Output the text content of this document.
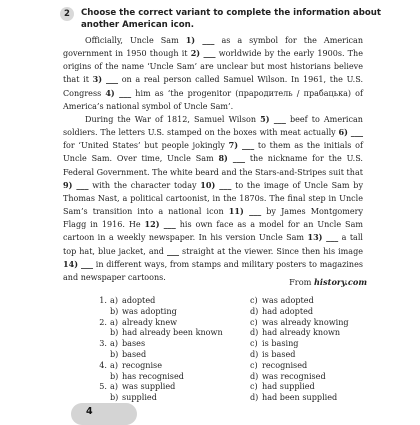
2	Choose the correct variant to complete the information about another American icon.

Officially, Uncle Sam 1) ___ as a symbol for the American government in 1950 though it 2) ___ worldwide by the early 1900s. The origins of the name ‘Uncle Sam’ are unclear but most historians believe that it 3) ___ on a real person called Samuel Wilson. In 1961, the U.S. Congress 4) ___ him as ‘the progenitor (прародитель / прабацька) of America’s national symbol of Uncle Sam’.

During the War of 1812, Samuel Wilson 5) ___ beef to American soldiers. The letters U.S. stamped on the boxes with meat actually 6) ___ for ‘United States’ but people jokingly 7) ___ to them as the initials of Uncle Sam. Over time, Uncle Sam 8) ___ the nickname for the U.S. Federal Government. The white beard and the Stars-and-Stripes suit that 9) ___ with the character today 10) ___ to the image of Uncle Sam by Thomas Nast, a political cartoonist, in the 1870s. The final step in Uncle Sam’s transition into a national icon 11) ___ by James Montgomery Flagg in 1916. He 12) ___ his own face as a model for an Uncle Sam cartoon in a weekly newspaper. In his version Uncle Sam 13) ___ a tall top hat, blue jacket, and ___ straight at the viewer. Since then his image 14) ___ in different ways, from stamps and military posters to magazines and newspaper cartoons.	From history.com
1. a) adopted
b) was adopting
2. a) already knew
b) had already been known
3. a) bases
b) based
4. a) recognise
b) has recognised
5. a) was supplied
b) supplied
c) was adopted
d) had adopted
c) was already knowing
d) had already known
c) is basing
d) is based
c) recognised
d) was recognised
c) had supplied
d) had been supplied
4
